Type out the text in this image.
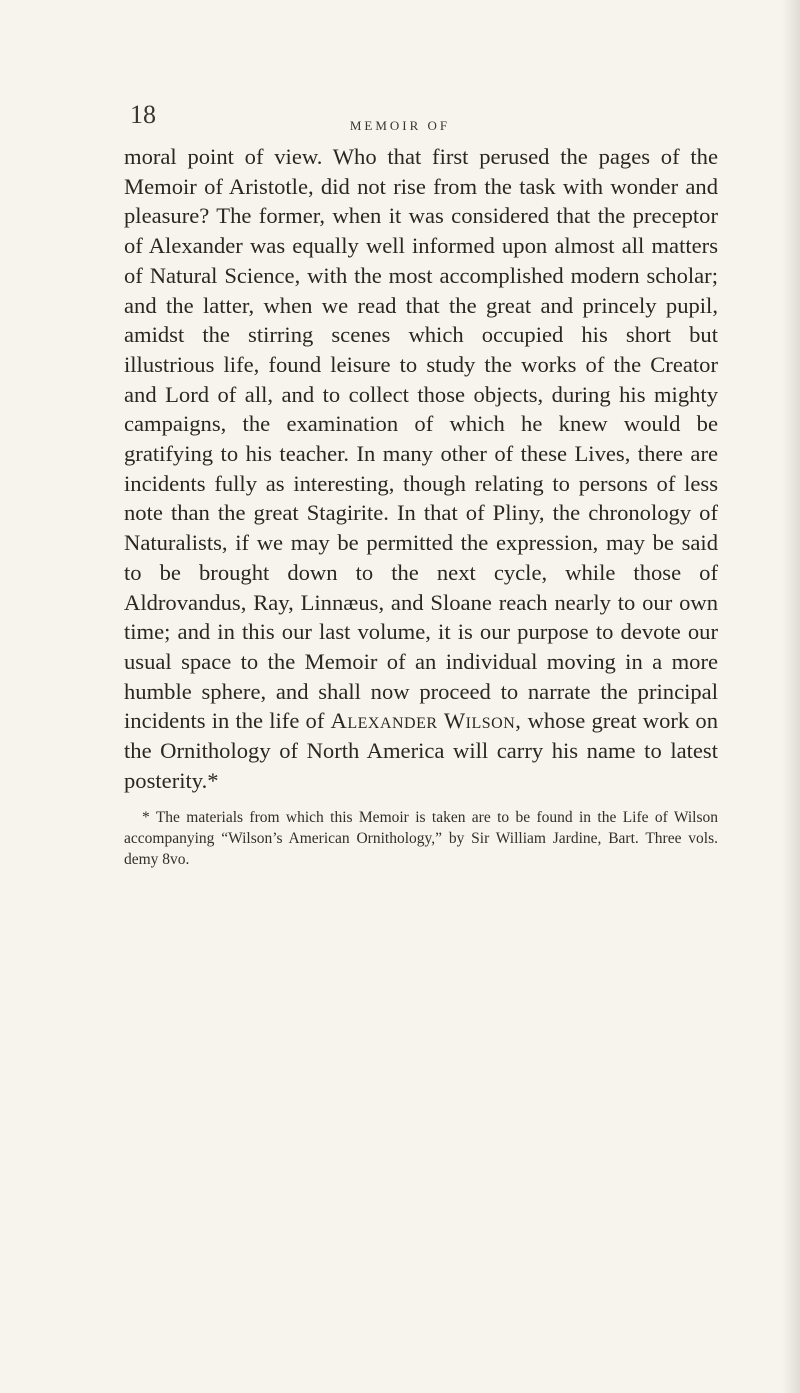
18	MEMOIR OF

moral point of view. Who that first perused the pages of the Memoir of Aristotle, did not rise from the task with wonder and pleasure? The former, when it was considered that the preceptor of Alexander was equally well informed upon almost all matters of Natural Science, with the most accomplished modern scholar; and the latter, when we read that the great and princely pupil, amidst the stirring scenes which occupied his short but illustrious life, found leisure to study the works of the Creator and Lord of all, and to collect those objects, during his mighty campaigns, the examination of which he knew would be gratifying to his teacher. In many other of these Lives, there are incidents fully as interesting, though relating to persons of less note than the great Stagirite. In that of Pliny, the chronology of Naturalists, if we may be permitted the expression, may be said to be brought down to the next cycle, while those of Aldrovandus, Ray, Linnæus, and Sloane reach nearly to our own time; and in this our last volume, it is our purpose to devote our usual space to the Memoir of an individual moving in a more humble sphere, and shall now proceed to narrate the principal incidents in the life of Alexander Wilson, whose great work on the Ornithology of North America will carry his name to latest posterity.*

* The materials from which this Memoir is taken are to be found in the Life of Wilson accompanying “Wilson’s American Ornithology,” by Sir William Jardine, Bart. Three vols. demy 8vo.
